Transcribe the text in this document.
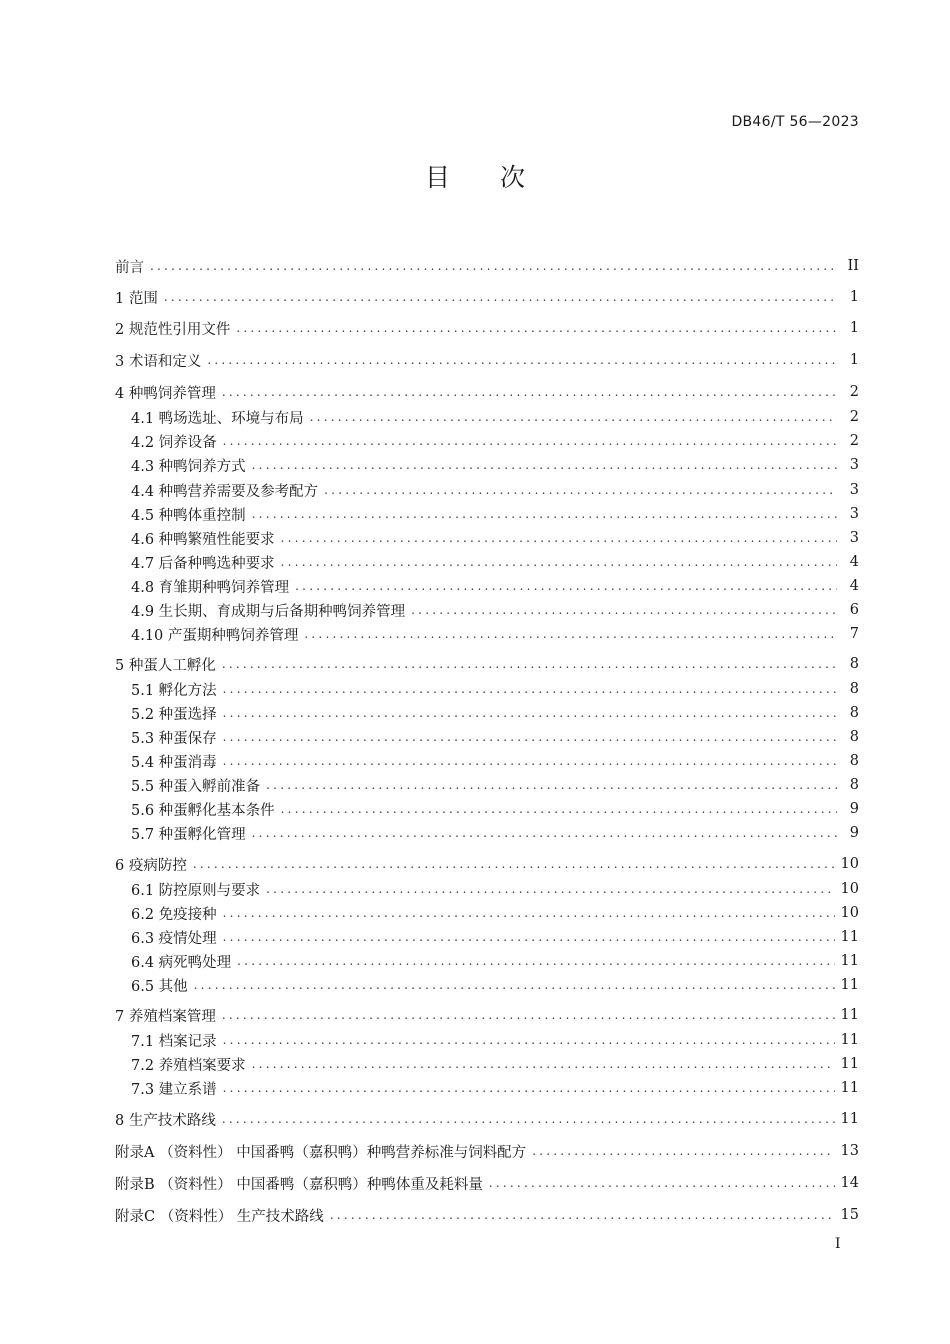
DB46/T 56—2023
目次
前言 .....	II
1 范围 .....	1
2 规范性引用文件 .....	1
3 术语和定义 .....	1
4 种鸭饲养管理 .....	2
4.1 鸭场选址、环境与布局 .....	2
4.2 饲养设备 .....	2
4.3 种鸭饲养方式 .....	3
4.4 种鸭营养需要及参考配方 .....	3
4.5 种鸭体重控制 .....	3
4.6 种鸭繁殖性能要求 .....	3
4.7 后备种鸭选种要求 .....	4
4.8 育雏期种鸭饲养管理 .....	4
4.9 生长期、育成期与后备期种鸭饲养管理 .....	6
4.10 产蛋期种鸭饲养管理 .....	7
5 种蛋人工孵化 .....	8
5.1 孵化方法 .....	8
5.2 种蛋选择 .....	8
5.3 种蛋保存 .....	8
5.4 种蛋消毒 .....	8
5.5 种蛋入孵前准备 .....	8
5.6 种蛋孵化基本条件 .....	9
5.7 种蛋孵化管理 .....	9
6 疫病防控 .....	10
6.1 防控原则与要求 .....	10
6.2 免疫接种 .....	10
6.3 疫情处理 .....	11
6.4 病死鸭处理 .....	11
6.5 其他 .....	11
7 养殖档案管理 .....	11
7.1 档案记录 .....	11
7.2 养殖档案要求 .....	11
7.3 建立系谱 .....	11
8 生产技术路线 .....	11
附录A （资料性） 中国番鸭（嘉积鸭）种鸭营养标准与饲料配方 .....	13
附录B （资料性） 中国番鸭（嘉积鸭）种鸭体重及耗料量 .....	14
附录C （资料性） 生产技术路线 .....	15
I
